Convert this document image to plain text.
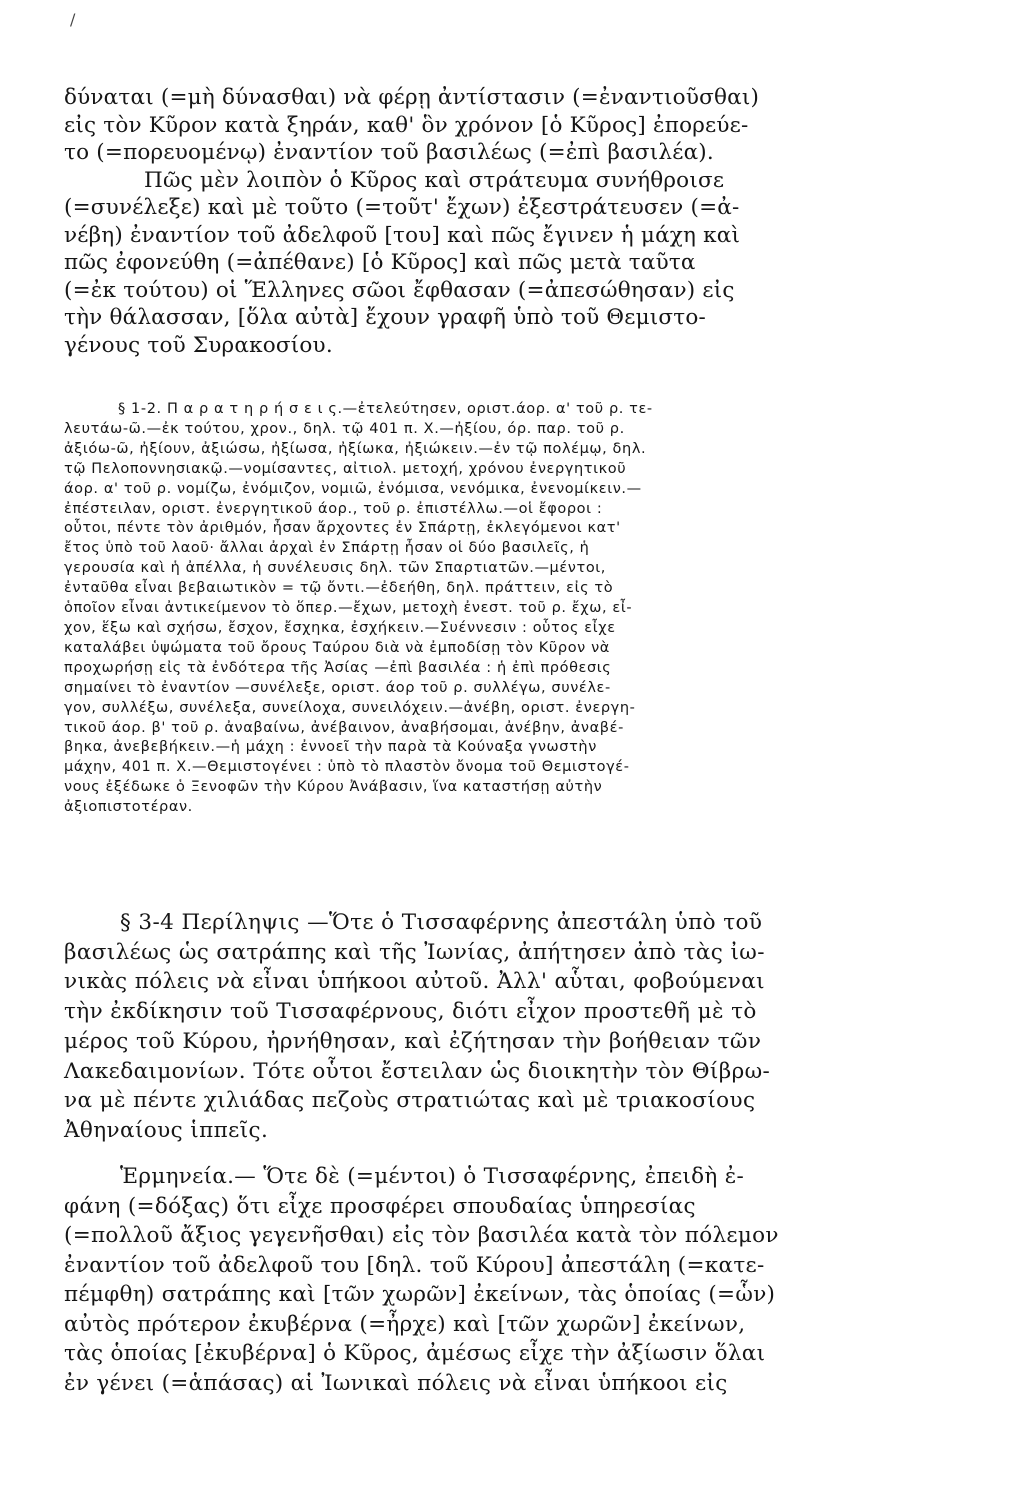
/
δύναται (=μὴ δύνασθαι) νὰ φέρῃ ἀντίστασιν (=ἐναντιοῦσθαι)
εἰς τὸν Κῦρον κατὰ ξηράν, καθ' ὃν χρόνον [ὁ Κῦρος] ἐπορεύε-
το (=πορευομένῳ) ἐναντίον τοῦ βασιλέως (=ἐπὶ βασιλέα).
Πῶς μὲν λοιπὸν ὁ Κῦρος καὶ στράτευμα συνήθροισε
(=συνέλεξε) καὶ μὲ τοῦτο (=τοῦτ' ἔχων) ἐξεστράτευσεν (=ἀ-
νέβη) ἐναντίον τοῦ ἀδελφοῦ [του] καὶ πῶς ἔγινεν ἡ μάχη καὶ
πῶς ἐφονεύθη (=ἀπέθανε) [ὁ Κῦρος] καὶ πῶς μετὰ ταῦτα
(=ἐκ τούτου) οἱ Ἕλληνες σῶοι ἔφθασαν (=ἀπεσώθησαν) εἰς
τὴν θάλασσαν, [ὅλα αὐτὰ] ἔχουν γραφῆ ὑπὸ τοῦ Θεμιστο-
γένους τοῦ Συρακοσίου.
§ 1-2. Π α ρ α τ η ρ ή σ ε ι ς.—ἐτελεύτησεν, οριστ.άορ. α' τοῦ ρ. τε-
λευτάω-ῶ.—ἐκ τούτου, χρον., δηλ. τῷ 401 π. Χ.—ἠξίου, όρ. παρ. τοῦ ρ.
ἀξιόω-ῶ, ἠξίουν, ἀξιώσω, ἠξίωσα, ἠξίωκα, ἠξιώκειν.—ἐν τῷ πολέμῳ, δηλ.
τῷ Πελοποννησιακῷ.—νομίσαντες, αἰτιολ. μετοχή, χρόνου ἐνεργητικοῦ
άορ. α' τοῦ ρ. νομίζω, ἐνόμιζον, νομιῶ, ἐνόμισα, νενόμικα, ἐνενομίκειν.—
ἐπέστειλαν, οριστ. ἐνεργητικοῦ άορ., τοῦ ρ. ἐπιστέλλω.—οἱ ἔφοροι :
οὗτοι, πέντε τὸν ἀριθμόν, ἦσαν ἄρχοντες ἐν Σπάρτῃ, ἐκλεγόμενοι κατ'
ἔτος ὑπὸ τοῦ λαοῦ· ἄλλαι ἀρχαὶ ἐν Σπάρτῃ ἦσαν οἱ δύο βασιλεῖς, ἡ
γερουσία καὶ ἡ ἀπέλλα, ἡ συνέλευσις δηλ. τῶν Σπαρτιατῶν.—μέντοι,
ἐνταῦθα εἶναι βεβαιωτικὸν = τῷ ὄντι.—ἐδεήθη, δηλ. πράττειν, εἰς τὸ
ὁποῖον εἶναι ἀντικείμενον τὸ ὅπερ.—ἔχων, μετοχὴ ἐνεστ. τοῦ ρ. ἔχω, εἶ-
χον, ἕξω καὶ σχήσω, ἔσχον, ἔσχηκα, ἐσχήκειν.—Συέννεσιν : οὗτος εἶχε
καταλάβει ὑψώματα τοῦ ὄρους Ταύρου διὰ νὰ ἐμποδίσῃ τὸν Κῦρον νὰ
προχωρήσῃ εἰς τὰ ἐνδότερα τῆς Ἀσίας —ἐπὶ βασιλέα : ἡ ἐπὶ πρόθεσις
σημαίνει τὸ ἐναντίον —συνέλεξε, οριστ. άορ τοῦ ρ. συλλέγω, συνέλε-
γον, συλλέξω, συνέλεξα, συνείλοχα, συνειλόχειν.—ἀνέβη, οριστ. ἐνεργη-
τικοῦ άορ. β' τοῦ ρ. ἀναβαίνω, ἀνέβαινον, ἀναβήσομαι, ἀνέβην, ἀναβέ-
βηκα, ἀνεβεβήκειν.—ἡ μάχη : ἐννοεῖ τὴν παρὰ τὰ Κούναξα γνωστὴν
μάχην, 401 π. Χ.—Θεμιστογένει : ὑπὸ τὸ πλαστὸν ὄνομα τοῦ Θεμιστογέ-
νους ἐξέδωκε ὁ Ξενοφῶν τὴν Κύρου Ἀνάβασιν, ἵνα καταστήσῃ αὐτὴν
ἀξιοπιστοτέραν.
§ 3-4 Περίληψις —Ὅτε ὁ Τισσαφέρνης ἀπεστάλη ὑπὸ τοῦ
βασιλέως ὡς σατράπης καὶ τῆς Ἰωνίας, ἀπήτησεν ἀπὸ τὰς ἰω-
νικὰς πόλεις νὰ εἶναι ὑπήκοοι αὐτοῦ. Ἀλλ' αὗται, φοβούμεναι
τὴν ἐκδίκησιν τοῦ Τισσαφέρνους, διότι εἶχον προστεθῆ μὲ τὸ
μέρος τοῦ Κύρου, ἠρνήθησαν, καὶ ἐζήτησαν τὴν βοήθειαν τῶν
Λακεδαιμονίων. Τότε οὗτοι ἔστειλαν ὡς διοικητὴν τὸν Θίβρω-
να μὲ πέντε χιλιάδας πεζοὺς στρατιώτας καὶ μὲ τριακοσίους
Ἀθηναίους ἱππεῖς.
Ἑρμηνεία.— Ὅτε δὲ (=μέντοι) ὁ Τισσαφέρνης, ἐπειδὴ ἐ-
φάνη (=δόξας) ὅτι εἶχε προσφέρει σπουδαίας ὑπηρεσίας
(=πολλοῦ ἄξιος γεγενῆσθαι) εἰς τὸν βασιλέα κατὰ τὸν πόλεμον
ἐναντίον τοῦ ἀδελφοῦ του [δηλ. τοῦ Κύρου] ἀπεστάλη (=κατε-
πέμφθη) σατράπης καὶ [τῶν χωρῶν] ἐκείνων, τὰς ὁποίας (=ὧν)
αὐτὸς πρότερον ἐκυβέρνα (=ἦρχε) καὶ [τῶν χωρῶν] ἐκείνων,
τὰς ὁποίας [ἐκυβέρνα] ὁ Κῦρος, ἀμέσως εἶχε τὴν ἀξίωσιν ὅλαι
ἐν γένει (=ἁπάσας) αἱ Ἰωνικαὶ πόλεις νὰ εἶναι ὑπήκοοι εἰς
